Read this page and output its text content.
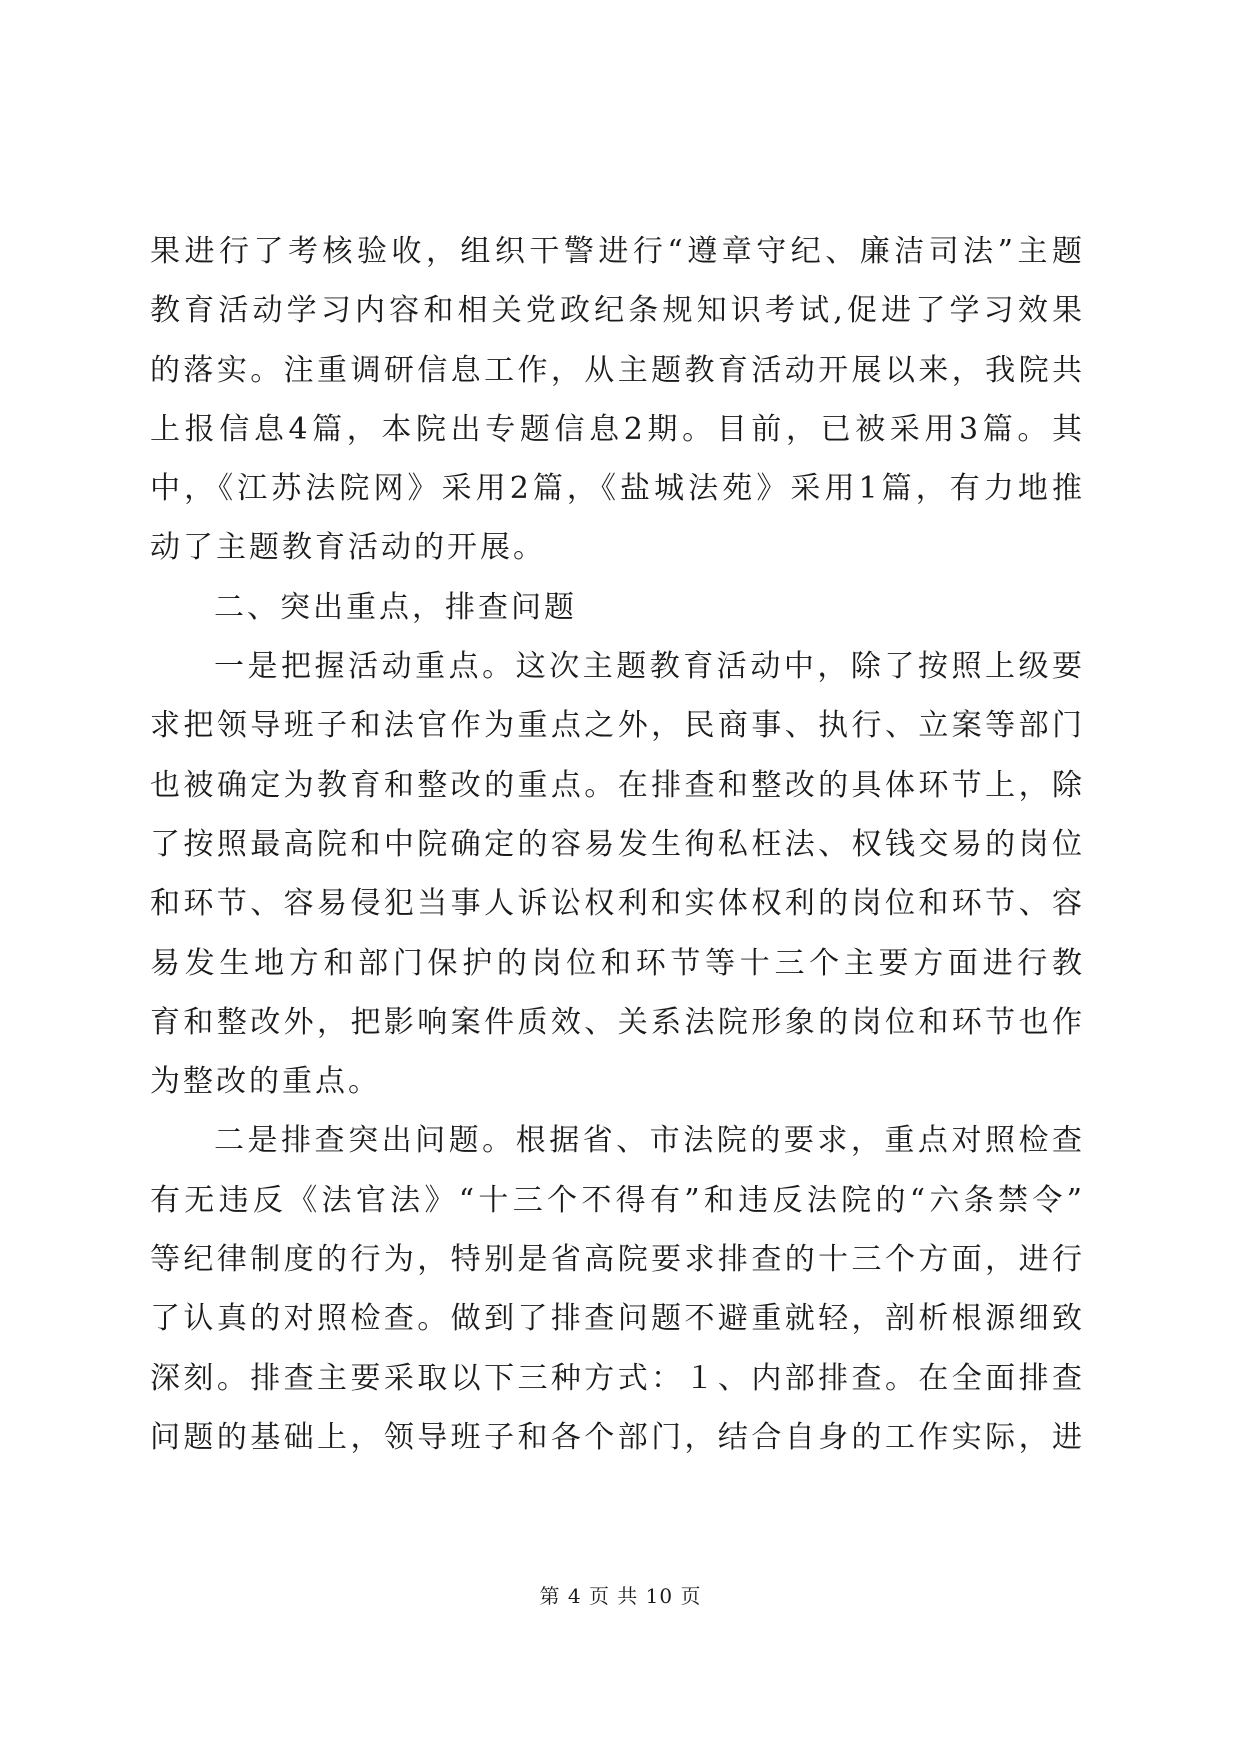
果进行了考核验收，组织干警进行“遵章守纪、廉洁司法”主题
教育活动学习内容和相关党政纪条规知识考试,促进了学习效果
的落实。注重调研信息工作，从主题教育活动开展以来，我院共
上报信息4篇，本院出专题信息2期。目前，已被采用3篇。其
中，《江苏法院网》采用2篇，《盐城法苑》采用1篇，有力地推
动了主题教育活动的开展。
二、突出重点，排查问题
一是把握活动重点。这次主题教育活动中，除了按照上级要
求把领导班子和法官作为重点之外，民商事、执行、立案等部门
也被确定为教育和整改的重点。在排查和整改的具体环节上，除
了按照最高院和中院确定的容易发生徇私枉法、权钱交易的岗位
和环节、容易侵犯当事人诉讼权利和实体权利的岗位和环节、容
易发生地方和部门保护的岗位和环节等十三个主要方面进行教
育和整改外，把影响案件质效、关系法院形象的岗位和环节也作
为整改的重点。
二是排查突出问题。根据省、市法院的要求，重点对照检查
有无违反《法官法》“十三个不得有”和违反法院的“六条禁令”
等纪律制度的行为，特别是省高院要求排查的十三个方面，进行
了认真的对照检查。做到了排查问题不避重就轻，剖析根源细致
深刻。排查主要采取以下三种方式：１、内部排查。在全面排查
问题的基础上，领导班子和各个部门，结合自身的工作实际，进
第 4 页 共 10 页
